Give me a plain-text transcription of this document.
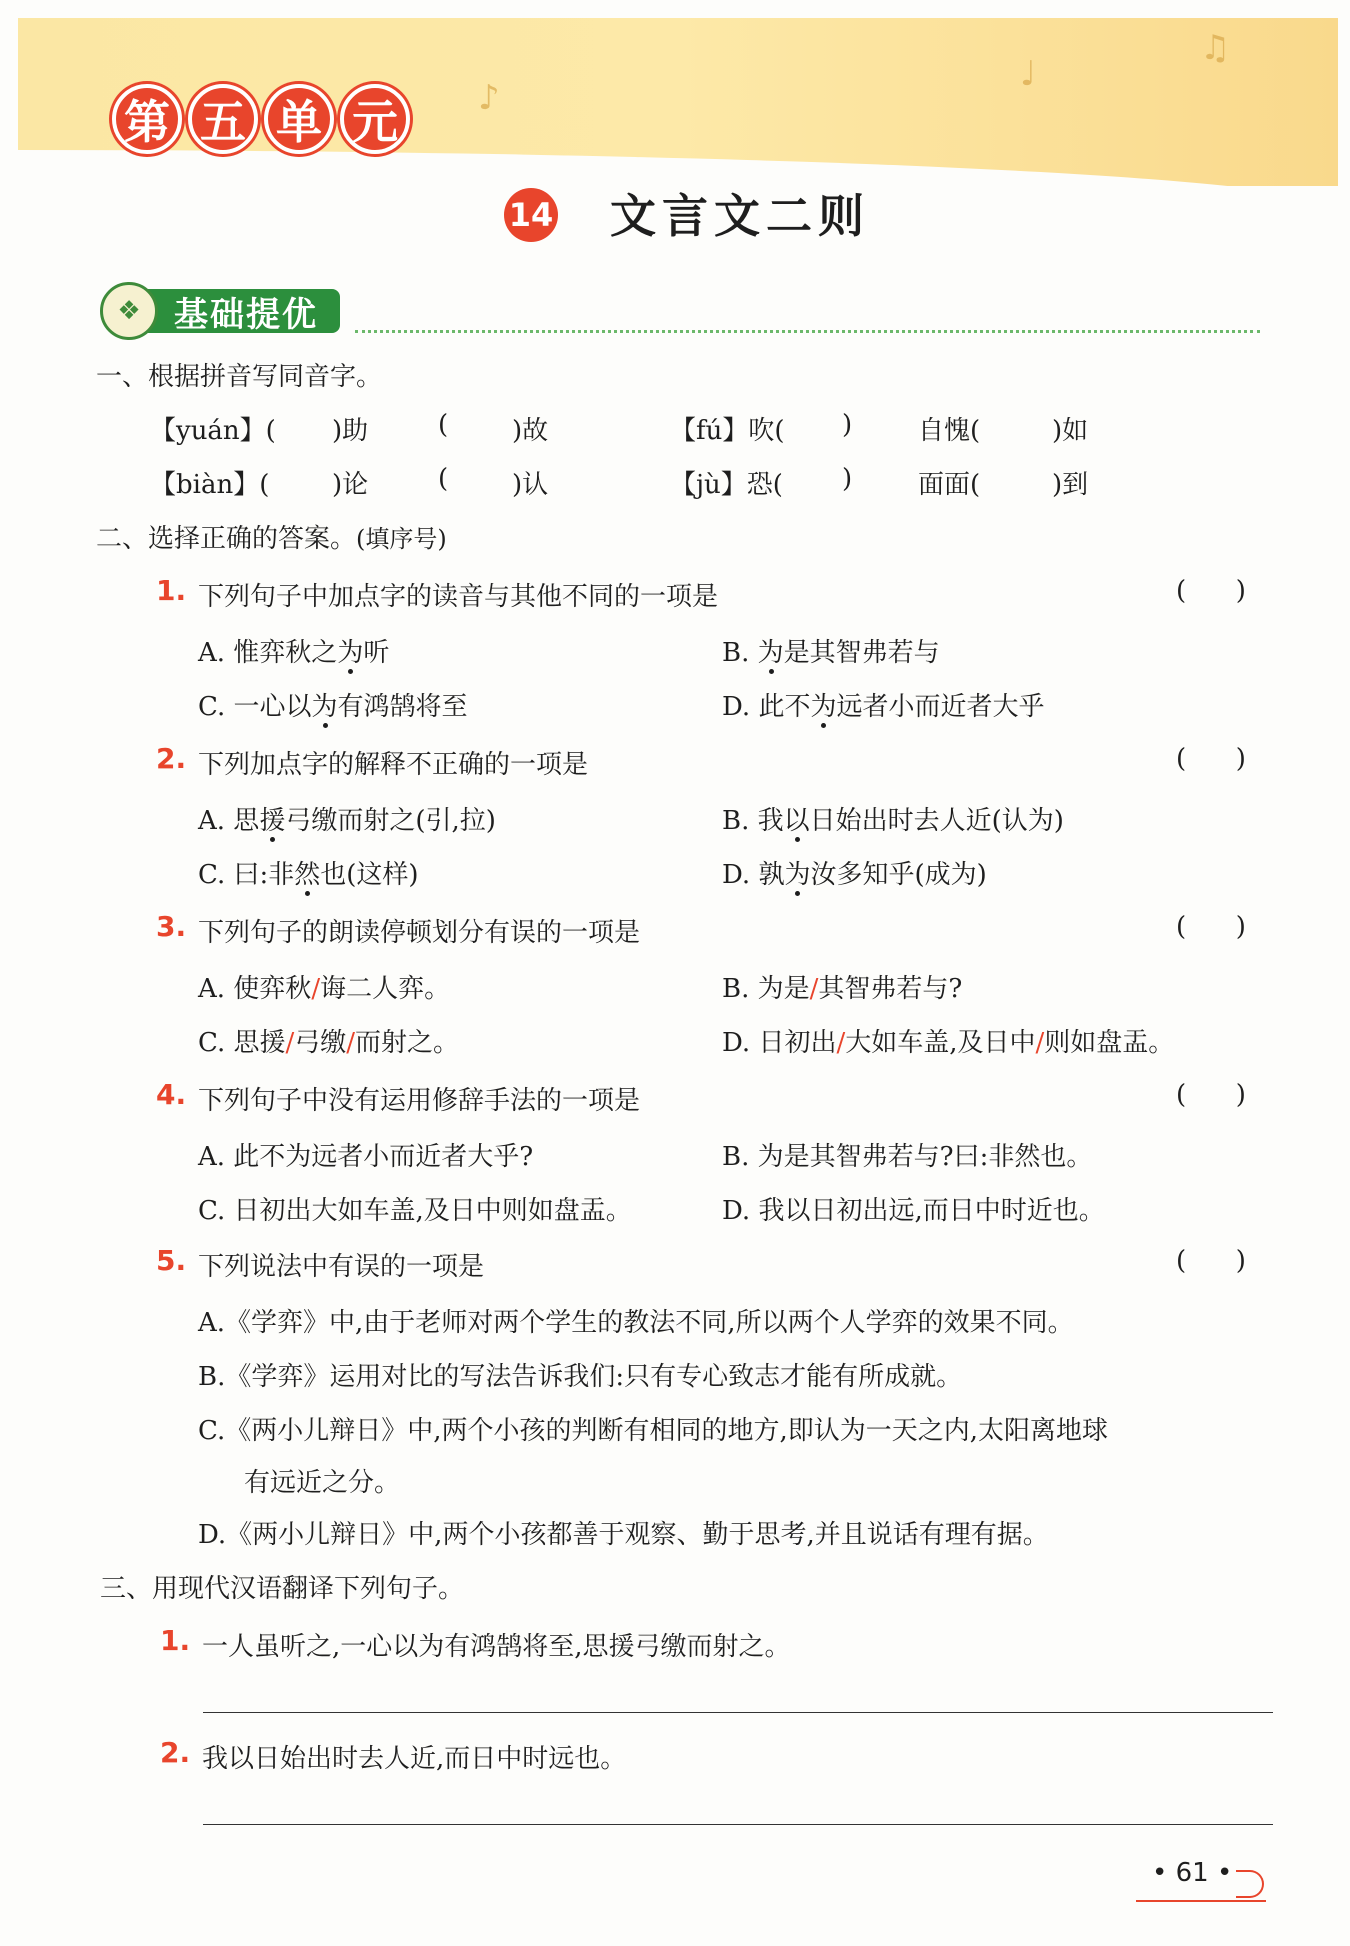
♪
♩
♫
第 五 单 元
14 文言文二则
❖ 基础提优
一、根据拼音写同音字。
【yuán】( )助	( )故	【fú】吹( )	自愧(	)如
【biàn】( )论	( )认	【jù】恐( )	面面(	)到
二、选择正确的答案。(填序号)
1. 下列句子中加点字的读音与其他不同的一项是	(      )
A. 惟弈秋之为听	B. 为是其智弗若与
C. 一心以为有鸿鹄将至	D. 此不为远者小而近者大乎
2. 下列加点字的解释不正确的一项是	(      )
A. 思援弓缴而射之(引,拉)	B. 我以日始出时去人近(认为)
C. 曰:非然也(这样)	D. 孰为汝多知乎(成为)
3. 下列句子的朗读停顿划分有误的一项是	(      )
A. 使弈秋/诲二人弈。	B. 为是/其智弗若与?
C. 思援/弓缴/而射之。	D. 日初出/大如车盖,及日中/则如盘盂。
4. 下列句子中没有运用修辞手法的一项是	(      )
A. 此不为远者小而近者大乎?	B. 为是其智弗若与?曰:非然也。
C. 日初出大如车盖,及日中则如盘盂。	D. 我以日初出远,而日中时近也。
5. 下列说法中有误的一项是	(      )
A.《学弈》中,由于老师对两个学生的教法不同,所以两个人学弈的效果不同。
B.《学弈》运用对比的写法告诉我们:只有专心致志才能有所成就。
C.《两小儿辩日》中,两个小孩的判断有相同的地方,即认为一天之内,太阳离地球
有远近之分。
D.《两小儿辩日》中,两个小孩都善于观察、勤于思考,并且说话有理有据。
三、用现代汉语翻译下列句子。
1. 一人虽听之,一心以为有鸿鹄将至,思援弓缴而射之。
2. 我以日始出时去人近,而日中时远也。
• 61 •
